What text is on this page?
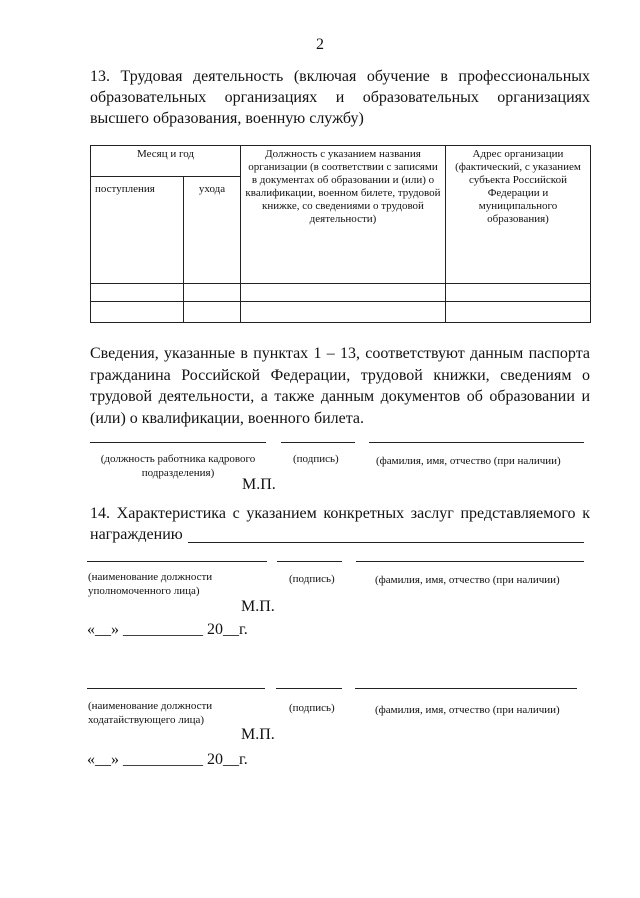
2
13. Трудовая деятельность (включая обучение в профессиональных образовательных организациях и образовательных организациях высшего образования, военную службу)
Месяц и год		Должность с указанием названия организации (в соответствии с записями в документах об образовании и (или) о квалификации, военном билете, трудовой книжке, со сведениями о трудовой деятельности)	Адрес организации (фактический, с указанием субъекта Российской Федерации и муниципального образования)
поступления	ухода		

Сведения, указанные в пунктах 1 – 13, соответствуют данным паспорта гражданина Российской Федерации, трудовой книжки, сведениям о трудовой деятельности, а также данным документов об образовании и (или) о квалификации, военного билета.
(должность работника кадрового подразделения)
(подпись)	(фамилия, имя, отчество (при наличии)
М.П.
14. Характеристика с указанием конкретных заслуг представляемого к награждению
(наименование должности уполномоченного лица)
(подпись)	(фамилия, имя, отчество (при наличии)
М.П.
«__» __________ 20__г.
(наименование должности ходатайствующего лица)
(подпись)	(фамилия, имя, отчество (при наличии)
М.П.
«__» __________ 20__г.
